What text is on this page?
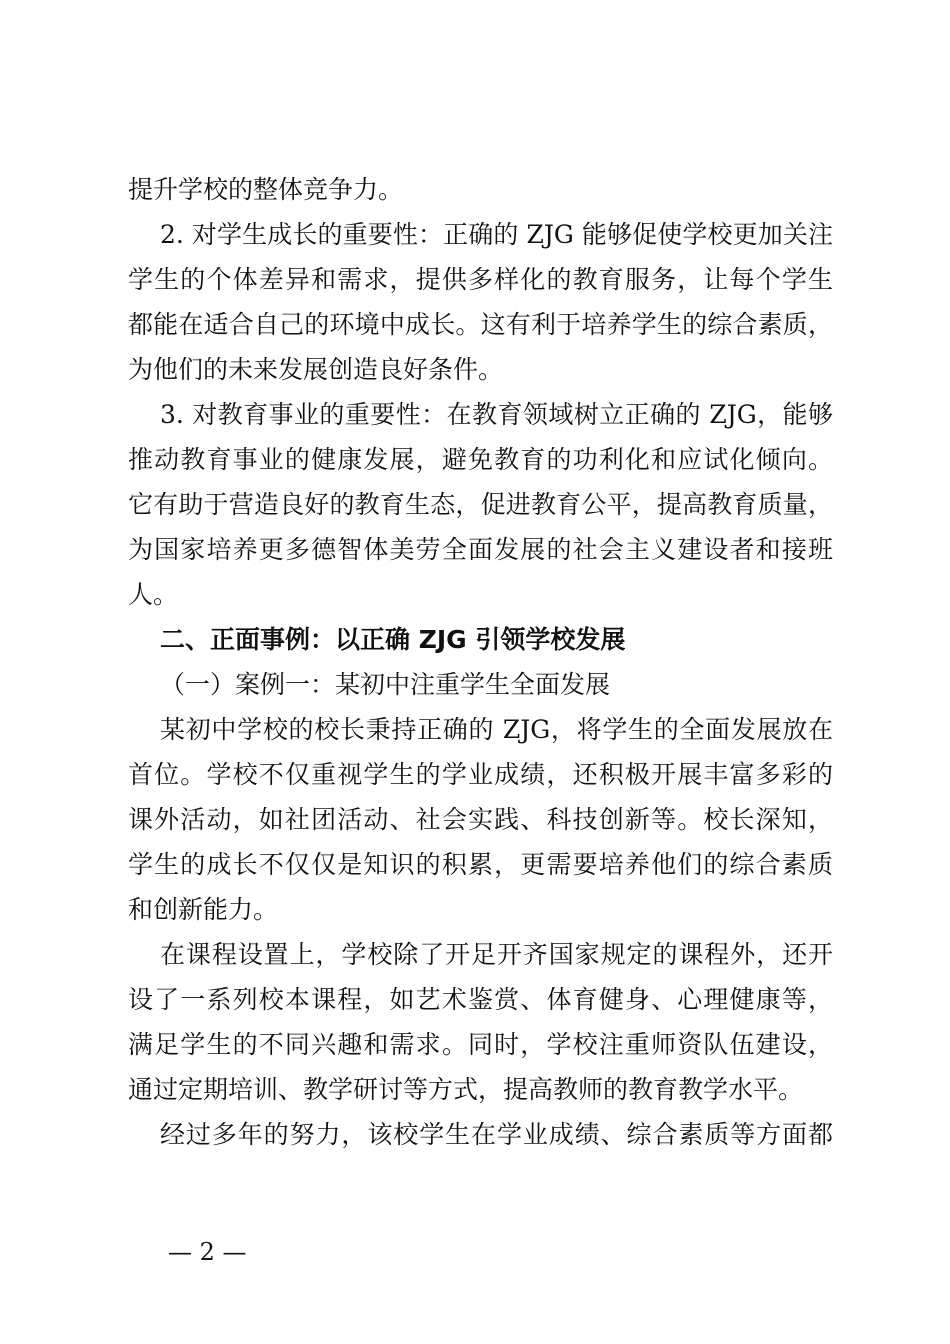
提升学校的整体竞争力。
2. 对学生成长的重要性：正确的 ZJG 能够促使学校更加关注
学生的个体差异和需求，提供多样化的教育服务，让每个学生
都能在适合自己的环境中成长。这有利于培养学生的综合素质，
为他们的未来发展创造良好条件。
3. 对教育事业的重要性：在教育领域树立正确的 ZJG，能够
推动教育事业的健康发展，避免教育的功利化和应试化倾向。
它有助于营造良好的教育生态，促进教育公平，提高教育质量，
为国家培养更多德智体美劳全面发展的社会主义建设者和接班
人。
二、正面事例：以正确 ZJG 引领学校发展
（一）案例一：某初中注重学生全面发展
某初中学校的校长秉持正确的 ZJG，将学生的全面发展放在
首位。学校不仅重视学生的学业成绩，还积极开展丰富多彩的
课外活动，如社团活动、社会实践、科技创新等。校长深知，
学生的成长不仅仅是知识的积累，更需要培养他们的综合素质
和创新能力。
在课程设置上，学校除了开足开齐国家规定的课程外，还开
设了一系列校本课程，如艺术鉴赏、体育健身、心理健康等，
满足学生的不同兴趣和需求。同时，学校注重师资队伍建设，
通过定期培训、教学研讨等方式，提高教师的教育教学水平。
经过多年的努力，该校学生在学业成绩、综合素质等方面都
— 2 —
